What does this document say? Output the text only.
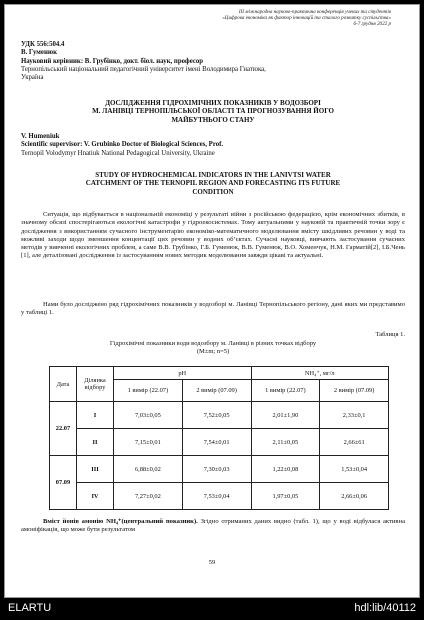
III міжнародна науково-практична конференція учених та студентів
«Цифрова економіка як фактор інновацій та сталого розвитку суспільства»
6-7 грудня 2022 р
УДК 556:504.4
В. Гуменюк
Науковий керівник: В. Грубінко, докт. біол. наук, професор
Тернопільський національний педагогічний університет імені Володимира Гнатюка,
Україна
ДОСЛІДЖЕННЯ ГІДРОХІМІЧНИХ ПОКАЗНИКІВ У ВОДОЗБОРІ
М. ЛАНІВЦІ ТЕРНОПІЛЬСЬКОЇ ОБЛАСТІ ТА ПРОГНОЗУВАННЯ ЙОГО
МАЙБУТНЬОГО СТАНУ
V. Humeniuk
Scientific supervisor: V. Grubinko Doctor of Biological Sciences, Prof.
Ternopil Volodymyr Hnatiuk National Pedagogical University, Ukraine
STUDY OF HYDROCHEMICAL INDICATORS IN THE LANIVTSI WATER
CATCHMENT OF THE TERNOPIL REGION AND FORECASTING ITS FUTURE
CONDITION
Ситуація, що відбувається в національній економіці у результаті війни з російською федерацією, крім економічних збитків, в значному обсязі спостерігаються екологічні катастрофи у гідроекосистемах. Тому актуальними у науковій та практичній точки зору є дослідження з використанням сучасного інструментарію економіко-математичного моделювання вмісту шкідливих речовин у воді та можливі заходи щодо зменшення концентації цих речовин у водних об’єктах. Сучасні науковці, вивчають застосування сучасних методів у вивченні екологічних проблем, а саме В.В. Грубінко, Г.Б. Гуменюк, В.В. Гуменюк, В.О. Хоменчук, Н.М. Гарматій[2], І.Б.Чень [1], але деталізовані дослідження із застосуванням нових методик моделювання завжди цікаві та актуальні.
Нами було досліджено ряд гідрохімічних показників у водозборі м. Ланівці Тернопільського регіону, дані яких ми представимо у таблиці 1.
Таблиця 1.
Гідрохімічні показники води водозбору м. Ланівці в різних точках відбору
(M±m; n=5)
Дата	Ділянка відбору	pH		NH₄⁺, мг/л	
		1 вимір (22.07)	2 вимір (07.09)	1 вимір (22.07)	2 вимір (07.09)
22.07	I	7,03±0,05	7,52±0,05	2,01±1,90	2,33±0,1
	II	7,15±0,01	7,54±0,01	2,11±0,05	2,66±61
07.09	III	6,88±0,02	7,30±0,03	1,22±0,08	1,53±0,04
	IV	7,27±0,02	7,53±0,04	1,97±0,05	2,66±0,06
Вміст йонів амонію NH₄⁺(центральний показник). Згідно отриманих даних видно (табл. 1), що у воді відбулася активна амоніфікація, що може бути результатом
59
ELARTU	hdl:lib/40112
